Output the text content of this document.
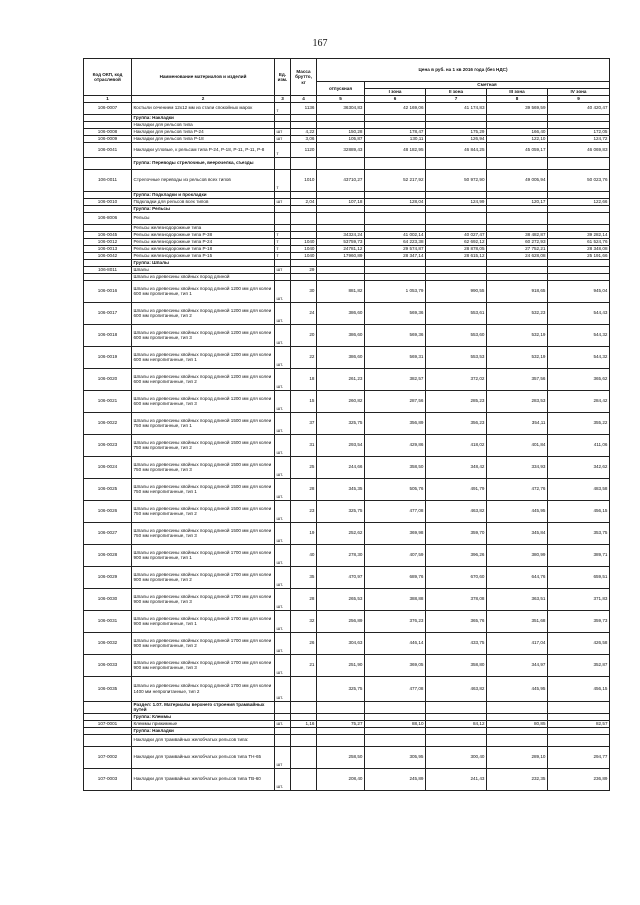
167
Код ОКП, код отраслевой	Наименование материалов и изделий	Ед. изм.	Масса брутто, кг	Цена в руб. на 1 кв 2016 года (без НДС)				
				отпускная	Сметная			
					I зона	II зона	III зона	IV зона
1	2	3	4	5	6	7	8	9
106-0007	Костыли сечением 12х12 мм из стали спокойных марок	т	1136	36304,83	42 169,06	41 174,83	39 569,59	40 420,47
	Группа: Накладки							
	Накладки для рельсов типа							
106-0008	Накладки для рельсов типа Р-24	шт	4,22	150,28	178,47	175,29	166,40	172,05
106-0009	Накладки для рельсов типа Р-18	шт	3,06	105,87	130,11	126,94	122,10	124,72
106-0041	Накладки угловые, к рельсам типа Р-24, Р-18, Р-11, Р-11, Р-8	т	1120	32889,43	48 182,95	46 844,25	45 059,17	46 069,83
	Группа: Переводы стрелочные, веерочелка, съезды							
106-0011	Стрелочные переводы из рельсов всех типов	т	1010	43710,27	52 217,92	50 972,90	49 005,94	50 023,76
	Группа: Подкладки и прокладки							
106-0010	Подкладки для рельсов всех типов	шт	2,04	107,18	128,04	124,99	120,17	122,66
	Группа: Рельсы							
106-8006	Рельсы							
	Рельсы железнодорожные типа							
106-0045	Рельсы железнодорожные типа Р-38	т		34324,24	41 002,14	40 027,47	38 482,87	39 282,14
106-0012	Рельсы железнодорожные типа Р-24	т	1040	53759,73	64 223,38	62 692,12	60 272,93	61 524,76
106-0013	Рельсы железнодорожные типа Р-18	т	1040	24781,12	29 574,87	28 878,05	27 752,21	28 348,08
106-0042	Рельсы железнодорожные типа Р-15	т	1040	17960,89	28 347,14	28 615,12	24 628,08	25 191,66
	Группа: Шпалы							
106-8011	Шпалы	шт	29					
	Шпалы из древесины хвойных пород длиной							
106-0016	Шпалы из древесины хвойных пород длиной 1200 мм для колеи 600 мм пропитанные, тип 1	шт.	30	881,82	1 053,79	990,55	918,65	945,04
106-0017	Шпалы из древесины хвойных пород длиной 1200 мм для колеи 600 мм пропитанные, тип 2	шт.	24	386,60	569,36	553,61	532,23	544,43
106-0018	Шпалы из древесины хвойных пород длиной 1200 мм для колеи 600 мм пропитанные, тип 3	шт.	20	386,60	569,36	553,60	532,19	544,32
106-0019	Шпалы из древесины хвойных пород длиной 1200 мм для колеи 600 мм непропитанные, тип 1	шт.	22	386,60	569,31	553,53	532,19	544,32
106-0020	Шпалы из древесины хвойных пород длиной 1200 мм для колеи 600 мм непропитанные, тип 2	шт.	18	261,23	382,57	372,02	357,56	365,62
106-0021	Шпалы из древесины хвойных пород длиной 1200 мм для колеи 600 мм непропитанные, тип 3	шт.	15	260,82	287,56	285,23	283,53	284,42
106-0022	Шпалы из древесины хвойных пород длиной 1500 мм для колеи 750 мм пропитанные, тип 1	шт.	37	325,75	356,89	356,23	354,11	355,22
106-0023	Шпалы из древесины хвойных пород длиной 1500 мм для колеи 750 мм пропитанные, тип 2	шт.	31	293,54	429,86	418,02	401,84	411,06
106-0024	Шпалы из древесины хвойных пород длиной 1500 мм для колеи 750 мм пропитанные, тип 3	шт.	25	244,66	358,50	348,42	334,93	342,62
106-0025	Шпалы из древесины хвойных пород длиной 1500 мм для колеи 750 мм непропитанные, тип 1	шт.	28	345,35	505,76	491,79	472,76	483,58
106-0026	Шпалы из древесины хвойных пород длиной 1500 мм для колеи 750 мм непропитанные, тип 2	шт.	23	325,75	477,08	463,82	445,95	456,15
106-0027	Шпалы из древесины хвойных пород длиной 1500 мм для колеи 750 мм непропитанные, тип 3	шт.	19	252,62	369,98	359,70	345,84	353,75
106-0028	Шпалы из древесины хвойных пород длиной 1700 мм для колеи 900 мм пропитанные, тип 1	шт.	40	278,30	407,59	396,26	380,99	389,71
106-0029	Шпалы из древесины хвойных пород длиной 1700 мм для колеи 900 мм пропитанные, тип 2	шт.	35	470,97	689,76	670,60	644,76	659,51
106-0030	Шпалы из древесины хвойных пород длиной 1700 мм для колеи 900 мм пропитанные, тип 3	шт.	28	265,53	388,88	378,08	363,51	371,83
106-0031	Шпалы из древесины хвойных пород длиной 1700 мм для колеи 900 мм непропитанные, тип 1	шт.	32	256,89	376,23	365,76	351,68	359,73
106-0032	Шпалы из древесины хвойных пород длиной 1700 мм для колеи 900 мм непропитанные, тип 2	шт.	26	304,63	446,14	433,75	417,04	426,58
106-0033	Шпалы из древесины хвойных пород длиной 1700 мм для колеи 900 мм непропитанные, тип 3	шт.	21	251,90	369,05	358,80	344,97	352,87
106-0035	Шпалы из древесины хвойных пород длиной 1700 мм для колеи 1400 мм непропитанные, тип 2	шт.		325,75	477,08	463,82	445,95	456,15
	Раздел: 1.07. Материалы верхнего строения трамвайных путей							
	Группа: Клеммы							
107-0001	Клеммы прижимные	шт.	1,16	75,27	88,10	84,12	80,85	82,57
	Группа: Накладки							
	Накладки для трамвайных желобчатых рельсов типа:							
107-0002	Накладки для трамвайных желобчатых рельсов типа ТН-65	шт		258,50	305,95	300,40	289,10	294,77
107-0003	Накладки для трамвайных желобчатых рельсов типа ТВ-60	шт.		208,40	245,89	241,43	232,35	236,89
